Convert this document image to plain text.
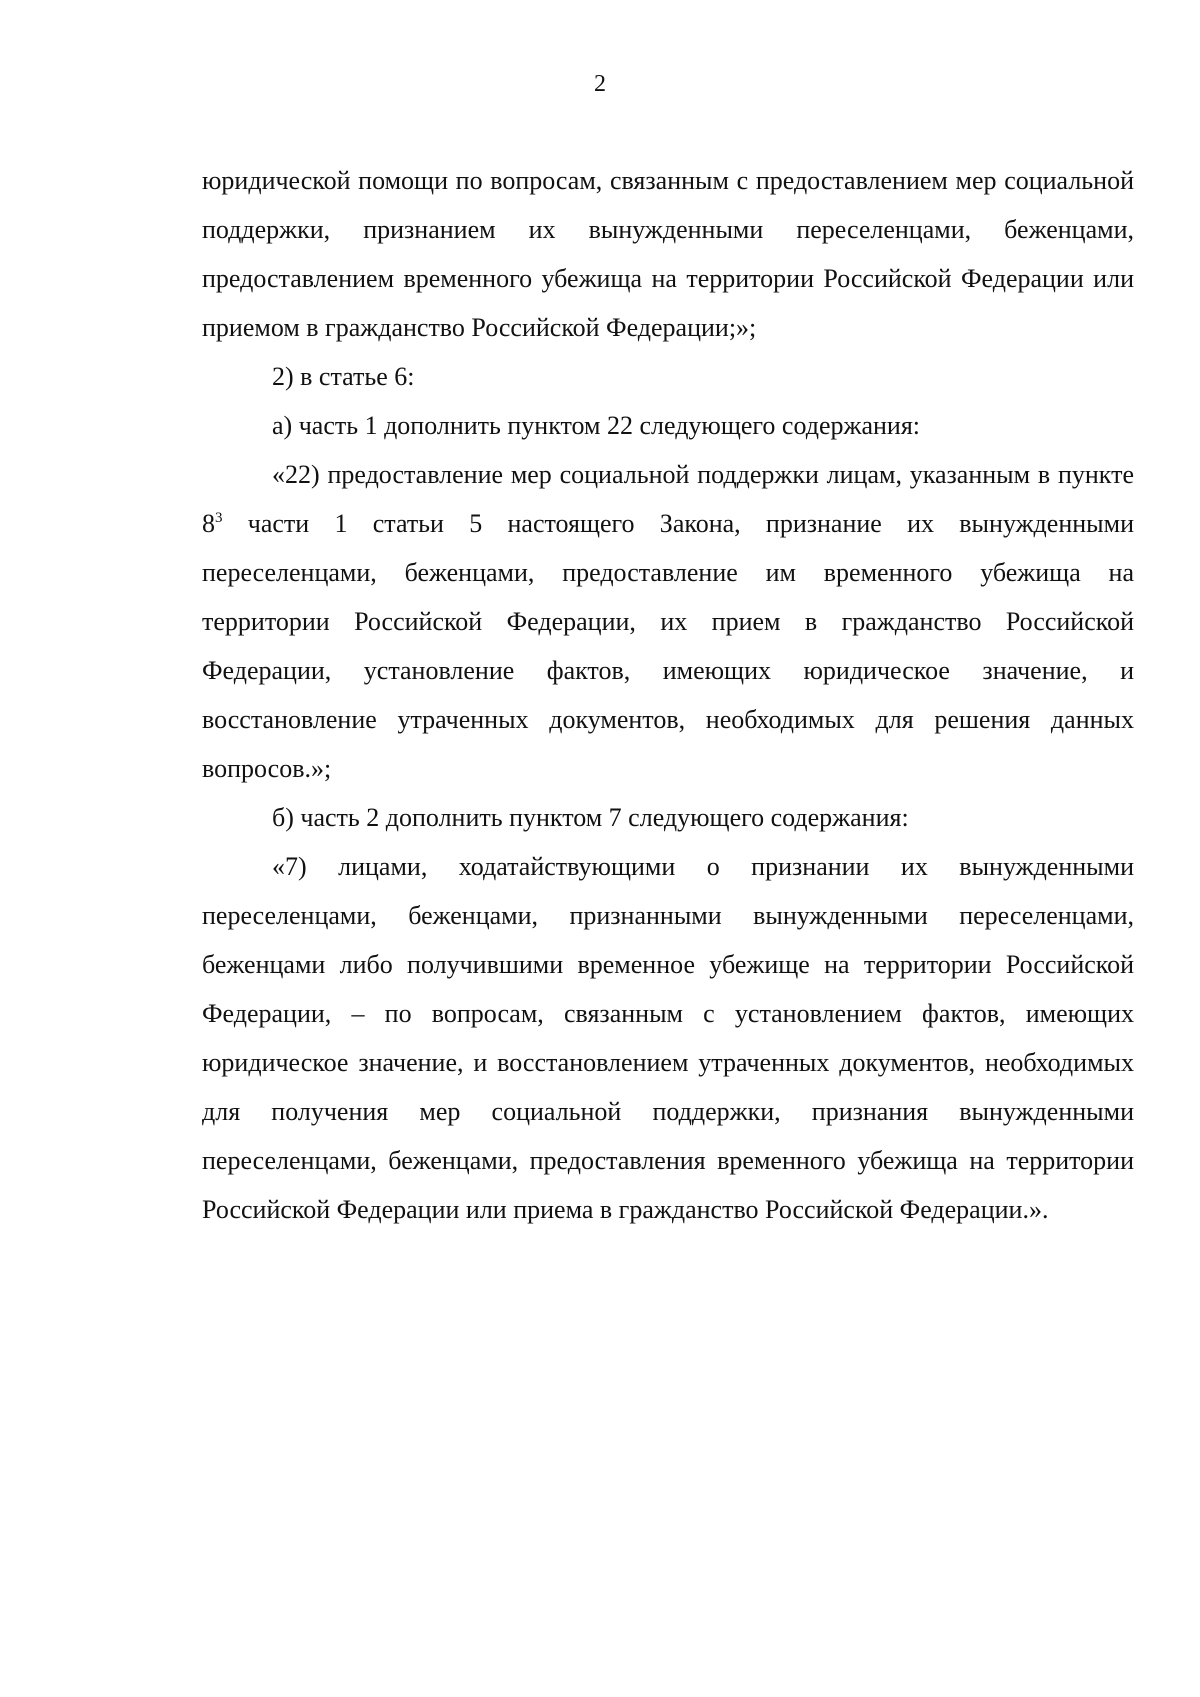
2

юридической помощи по вопросам, связанным с предоставлением мер социальной поддержки, признанием их вынужденными переселенцами, беженцами, предоставлением временного убежища на территории Российской Федерации или приемом в гражданство Российской Федерации;»;

2) в статье 6:

а) часть 1 дополнить пунктом 22 следующего содержания:

«22) предоставление мер социальной поддержки лицам, указанным в пункте $8^3$ части 1 статьи 5 настоящего Закона, признание их вынужденными переселенцами, беженцами, предоставление им временного убежища на территории Российской Федерации, их прием в гражданство Российской Федерации, установление фактов, имеющих юридическое значение, и восстановление утраченных документов, необходимых для решения данных вопросов.»;

б) часть 2 дополнить пунктом 7 следующего содержания:

«7) лицами, ходатайствующими о признании их вынужденными переселенцами, беженцами, признанными вынужденными переселенцами, беженцами либо получившими временное убежище на территории Российской Федерации, – по вопросам, связанным с установлением фактов, имеющих юридическое значение, и восстановлением утраченных документов, необходимых для получения мер социальной поддержки, признания вынужденными переселенцами, беженцами, предоставления временного убежища на территории Российской Федерации или приема в гражданство Российской Федерации.».
